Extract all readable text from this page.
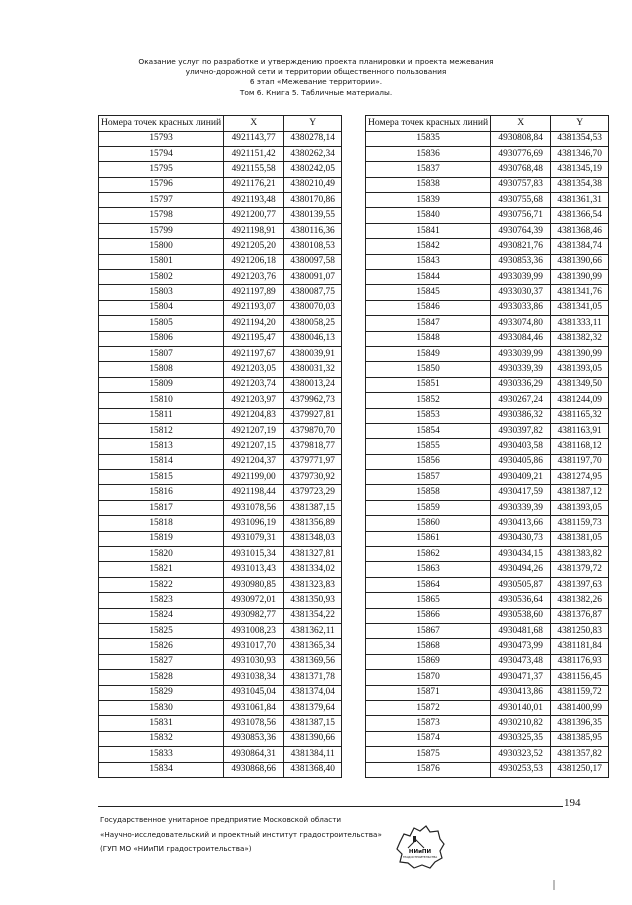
Оказание услуг по разработке и утверждению проекта планировки и проекта межевания
улично-дорожной сети и территории общественного пользования
6 этап «Межевание территории».
Том 6. Книга 5. Табличные материалы.
Номера точек красных линий	X	Y
15793	4921143,77	4380278,14
15794	4921151,42	4380262,34
15795	4921155,58	4380242,05
15796	4921176,21	4380210,49
15797	4921193,48	4380170,86
15798	4921200,77	4380139,55
15799	4921198,91	4380116,36
15800	4921205,20	4380108,53
15801	4921206,18	4380097,58
15802	4921203,76	4380091,07
15803	4921197,89	4380087,75
15804	4921193,07	4380070,03
15805	4921194,20	4380058,25
15806	4921195,47	4380046,13
15807	4921197,67	4380039,91
15808	4921203,05	4380031,32
15809	4921203,74	4380013,24
15810	4921203,97	4379962,73
15811	4921204,83	4379927,81
15812	4921207,19	4379870,70
15813	4921207,15	4379818,77
15814	4921204,37	4379771,97
15815	4921199,00	4379730,92
15816	4921198,44	4379723,29
15817	4931078,56	4381387,15
15818	4931096,19	4381356,89
15819	4931079,31	4381348,03
15820	4931015,34	4381327,81
15821	4931013,43	4381334,02
15822	4930980,85	4381323,83
15823	4930972,01	4381350,93
15824	4930982,77	4381354,22
15825	4931008,23	4381362,11
15826	4931017,70	4381365,34
15827	4931030,93	4381369,56
15828	4931038,34	4381371,78
15829	4931045,04	4381374,04
15830	4931061,84	4381379,64
15831	4931078,56	4381387,15
15832	4930853,36	4381390,66
15833	4930864,31	4381384,11
15834	4930868,66	4381368,40
Номера точек красных линий	X	Y
15835	4930808,84	4381354,53
15836	4930776,69	4381346,70
15837	4930768,48	4381345,19
15838	4930757,83	4381354,38
15839	4930755,68	4381361,31
15840	4930756,71	4381366,54
15841	4930764,39	4381368,46
15842	4930821,76	4381384,74
15843	4930853,36	4381390,66
15844	4933039,99	4381390,99
15845	4933030,37	4381341,76
15846	4933033,86	4381341,05
15847	4933074,80	4381333,11
15848	4933084,46	4381382,32
15849	4933039,99	4381390,99
15850	4930339,39	4381393,05
15851	4930336,29	4381349,50
15852	4930267,24	4381244,09
15853	4930386,32	4381165,32
15854	4930397,82	4381163,91
15855	4930403,58	4381168,12
15856	4930405,86	4381197,70
15857	4930409,21	4381274,95
15858	4930417,59	4381387,12
15859	4930339,39	4381393,05
15860	4930413,66	4381159,73
15861	4930430,73	4381381,05
15862	4930434,15	4381383,82
15863	4930494,26	4381379,72
15864	4930505,87	4381397,63
15865	4930536,64	4381382,26
15866	4930538,60	4381376,87
15867	4930481,68	4381250,83
15868	4930473,99	4381181,84
15869	4930473,48	4381176,93
15870	4930471,37	4381156,45
15871	4930413,86	4381159,72
15872	4930140,01	4381400,99
15873	4930210,82	4381396,35
15874	4930325,35	4381385,95
15875	4930323,52	4381357,82
15876	4930253,53	4381250,17
194
Государственное унитарное предприятие Московской области
«Научно-исследовательский и проектный институт градостроительства»
(ГУП МО «НИиПИ градостроительства»)	НИиПИ
ГРАДОСТРОИТЕЛЬСТВА
